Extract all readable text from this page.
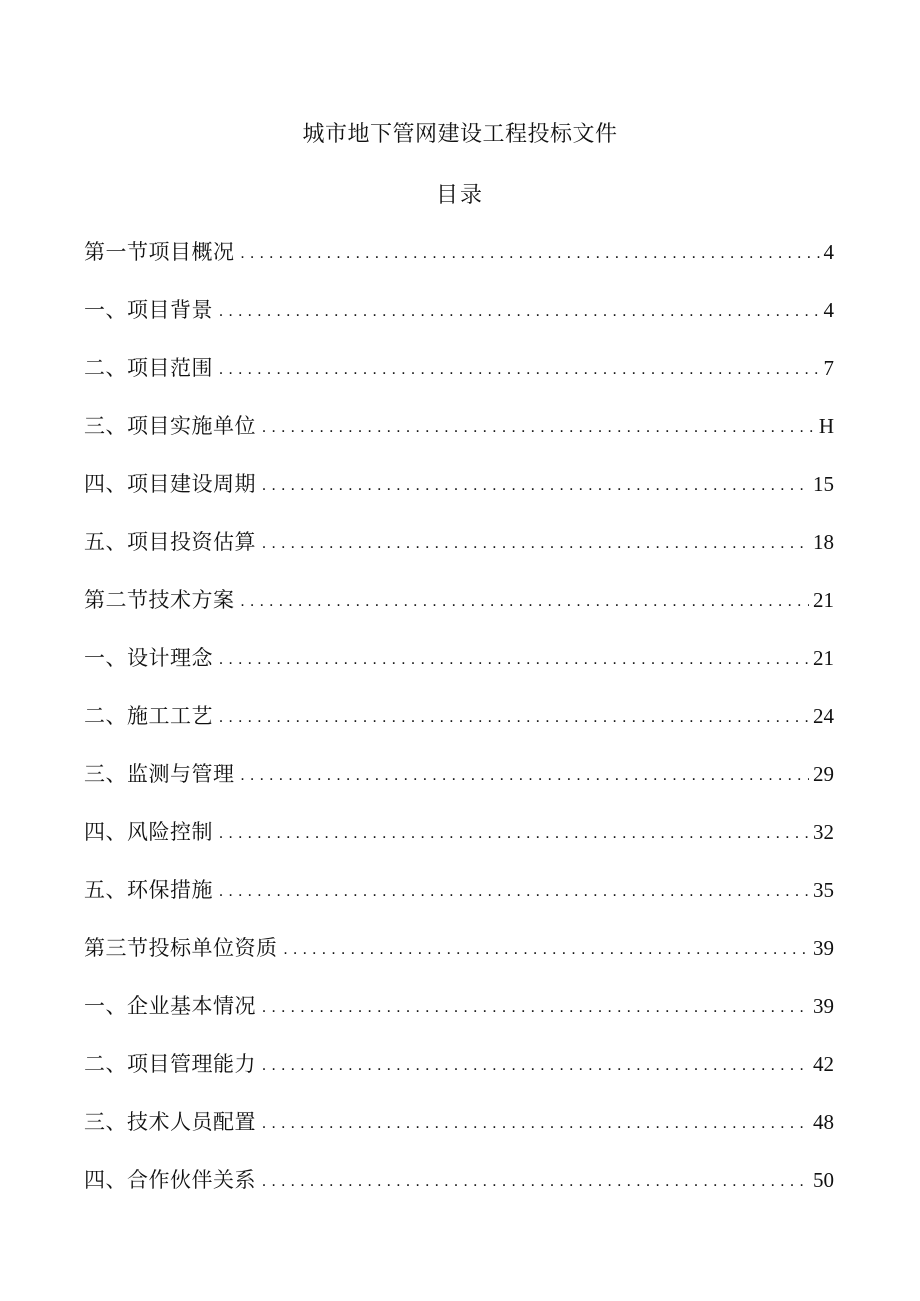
城市地下管网建设工程投标文件
目录
第一节项目概况 .....	4
一、项目背景 .....	4
二、项目范围 .....	7
三、项目实施单位 .....	H
四、项目建设周期 .....	15
五、项目投资估算 .....	18
第二节技术方案 .....	21
一、设计理念 .....	21
二、施工工艺 .....	24
三、监测与管理 .....	29
四、风险控制 .....	32
五、环保措施 .....	35
第三节投标单位资质 .....	39
一、企业基本情况 .....	39
二、项目管理能力 .....	42
三、技术人员配置 .....	48
四、合作伙伴关系 .....	50
